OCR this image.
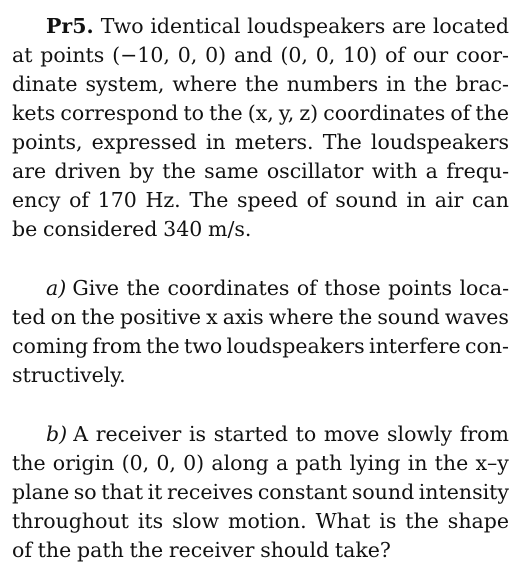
Pr5. Two identical loudspeakers are located
at points (−10, 0, 0) and (0, 0, 10) of our coor-
dinate system, where the numbers in the brac-
kets correspond to the (x, y, z) coordinates of the
points, expressed in meters. The loudspeakers
are driven by the same oscillator with a frequ-
ency of 170 Hz. The speed of sound in air can
be considered 340 m/s.
a) Give the coordinates of those points loca-
ted on the positive x axis where the sound waves
coming from the two loudspeakers interfere con-
structively.
b) A receiver is started to move slowly from
the origin (0, 0, 0) along a path lying in the x–y
plane so that it receives constant sound intensity
throughout its slow motion. What is the shape
of the path the receiver should take?
